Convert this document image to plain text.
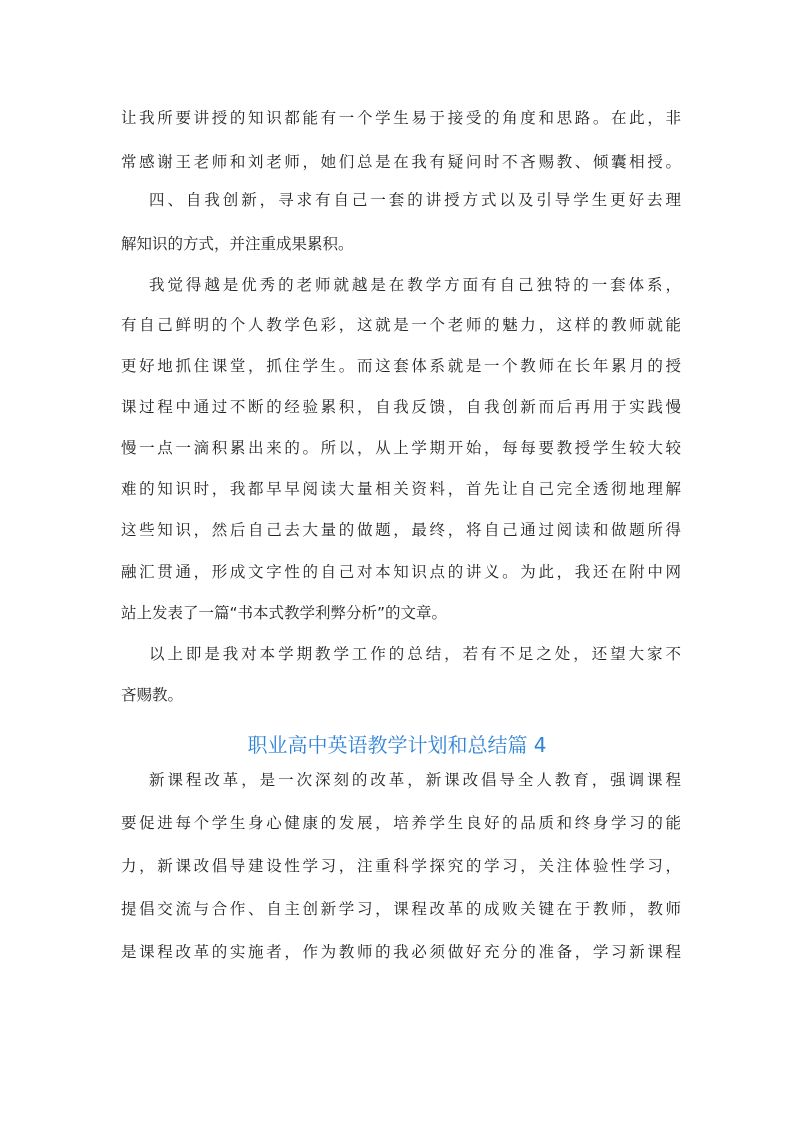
让我所要讲授的知识都能有一个学生易于接受的角度和思路。在此，非
常感谢王老师和刘老师，她们总是在我有疑问时不吝赐教、倾囊相授。
四、自我创新，寻求有自己一套的讲授方式以及引导学生更好去理
解知识的方式，并注重成果累积。
我觉得越是优秀的老师就越是在教学方面有自己独特的一套体系，
有自己鲜明的个人教学色彩，这就是一个老师的魅力，这样的教师就能
更好地抓住课堂，抓住学生。而这套体系就是一个教师在长年累月的授
课过程中通过不断的经验累积，自我反馈，自我创新而后再用于实践慢
慢一点一滴积累出来的。所以，从上学期开始，每每要教授学生较大较
难的知识时，我都早早阅读大量相关资料，首先让自己完全透彻地理解
这些知识，然后自己去大量的做题，最终，将自己通过阅读和做题所得
融汇贯通，形成文字性的自己对本知识点的讲义。为此，我还在附中网
站上发表了一篇“书本式教学利弊分析”的文章。
以上即是我对本学期教学工作的总结，若有不足之处，还望大家不
吝赐教。
职业高中英语教学计划和总结篇 4
新课程改革，是一次深刻的改革，新课改倡导全人教育，强调课程
要促进每个学生身心健康的发展，培养学生良好的品质和终身学习的能
力，新课改倡导建设性学习，注重科学探究的学习，关注体验性学习，
提倡交流与合作、自主创新学习，课程改革的成败关键在于教师，教师
是课程改革的实施者，作为教师的我必须做好充分的准备，学习新课程
